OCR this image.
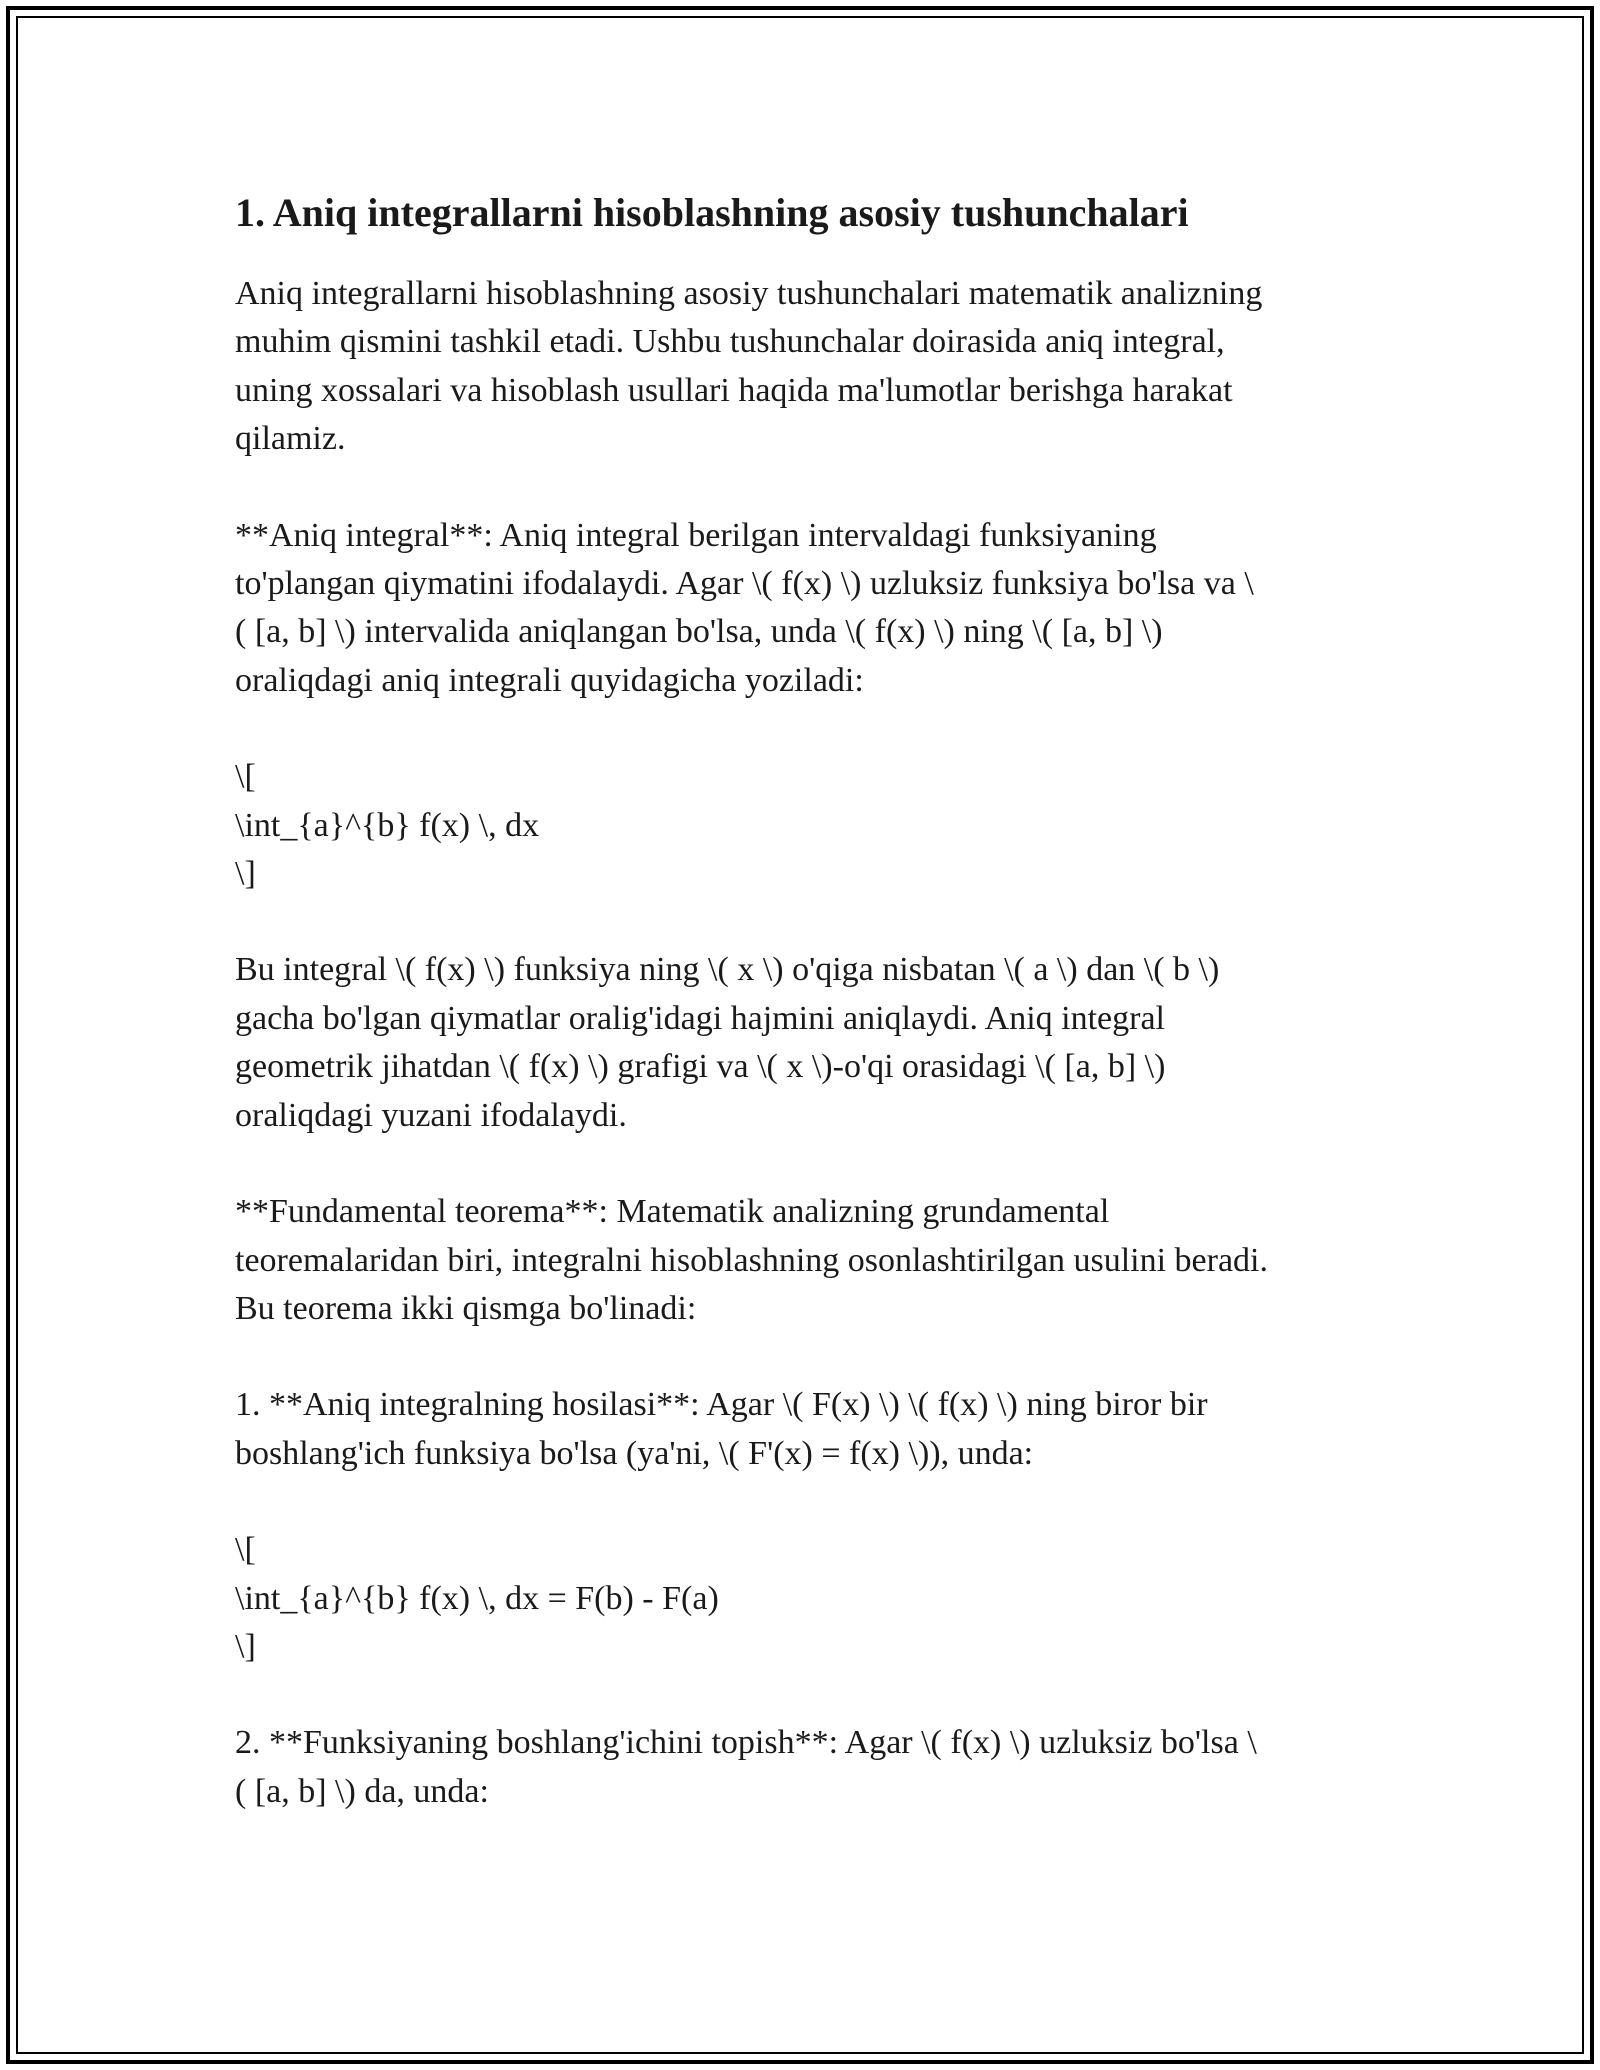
1. Aniq integrallarni hisoblashning asosiy tushunchalari

Aniq integrallarni hisoblashning asosiy tushunchalari matematik analizning
muhim qismini tashkil etadi. Ushbu tushunchalar doirasida aniq integral,
uning xossalari va hisoblash usullari haqida ma'lumotlar berishga harakat
qilamiz.

**Aniq integral**: Aniq integral berilgan intervaldagi funksiyaning
to'plangan qiymatini ifodalaydi. Agar \( f(x) \) uzluksiz funksiya bo'lsa va \
( [a, b] \) intervalida aniqlangan bo'lsa, unda \( f(x) \) ning \( [a, b] \)
oraliqdagi aniq integrali quyidagicha yoziladi:

\[
\int_{a}^{b} f(x) \, dx
\]

Bu integral \( f(x) \) funksiya ning \( x \) o'qiga nisbatan \( a \) dan \( b \)
gacha bo'lgan qiymatlar oralig'idagi hajmini aniqlaydi. Aniq integral
geometrik jihatdan \( f(x) \) grafigi va \( x \)-o'qi orasidagi \( [a, b] \)
oraliqdagi yuzani ifodalaydi.

**Fundamental teorema**: Matematik analizning grundamental
teoremalaridan biri, integralni hisoblashning osonlashtirilgan usulini beradi.
Bu teorema ikki qismga bo'linadi:

1. **Aniq integralning hosilasi**: Agar \( F(x) \) \( f(x) \) ning biror bir
boshlang'ich funksiya bo'lsa (ya'ni, \( F'(x) = f(x) \)), unda:

\[
\int_{a}^{b} f(x) \, dx = F(b) - F(a)
\]

2. **Funksiyaning boshlang'ichini topish**: Agar \( f(x) \) uzluksiz bo'lsa \
( [a, b] \) da, unda:
